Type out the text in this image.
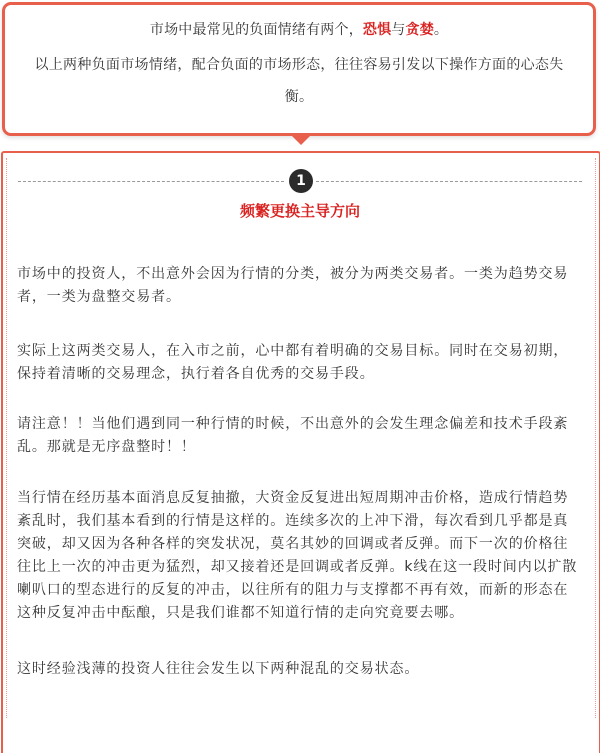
市场中最常见的负面情绪有两个，恐惧与贪婪。
以上两种负面市场情绪，配合负面的市场形态，往往容易引发以下操作方面的心态失衡。
1
频繁更换主导方向
市场中的投资人，不出意外会因为行情的分类，被分为两类交易者。一类为趋势交易者，一类为盘整交易者。
实际上这两类交易人，在入市之前，心中都有着明确的交易目标。同时在交易初期，保持着清晰的交易理念，执行着各自优秀的交易手段。
请注意！！当他们遇到同一种行情的时候，不出意外的会发生理念偏差和技术手段紊乱。那就是无序盘整时！！
当行情在经历基本面消息反复抽撤，大资金反复进出短周期冲击价格，造成行情趋势紊乱时，我们基本看到的行情是这样的。连续多次的上冲下滑，每次看到几乎都是真突破，却又因为各种各样的突发状况，莫名其妙的回调或者反弹。而下一次的价格往往比上一次的冲击更为猛烈，却又接着还是回调或者反弹。k线在这一段时间内以扩散喇叭口的型态进行的反复的冲击，以往所有的阻力与支撑都不再有效，而新的形态在这种反复冲击中酝酿，只是我们谁都不知道行情的走向究竟要去哪。
这时经验浅薄的投资人往往会发生以下两种混乱的交易状态。
